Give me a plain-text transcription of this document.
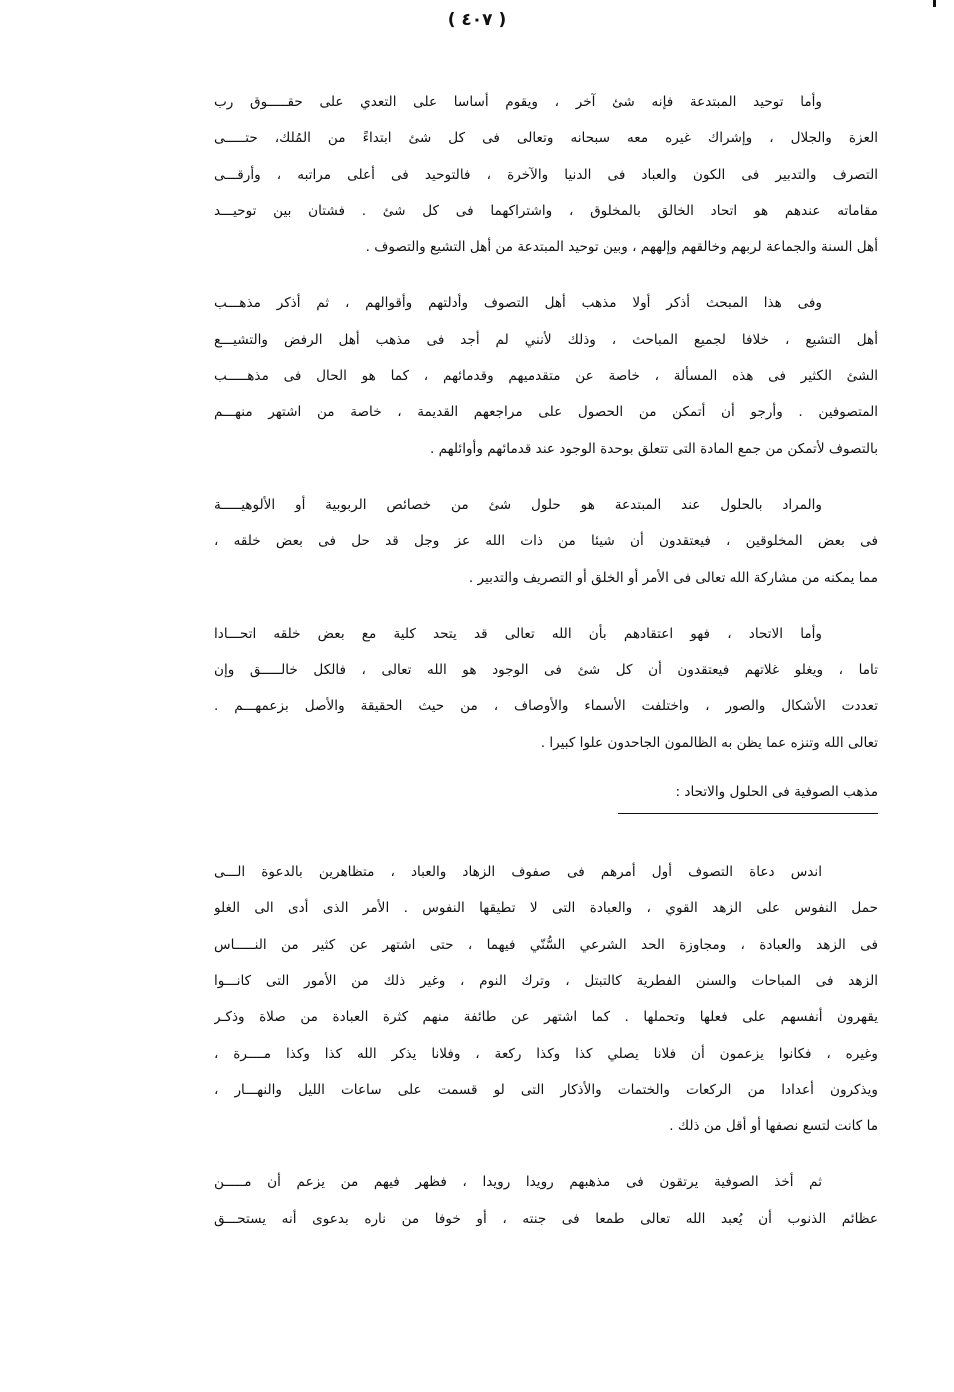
( ٤٠٧ )
وأما توحيد المبتدعة فإنه شئ آخر ، ويقوم أساسا على التعدي على حقـــــوق رب
العزة والجلال ، وإشراك غيره معه سبحانه وتعالى فى كل شئ ابتداءً من المُلك، حتـــــى
التصرف والتدبير فى الكون والعباد فى الدنيا والآخرة ، فالتوحيد فى أعلى مراتبه ، وأرقـــى
مقاماته عندهم هو اتحاد الخالق بالمخلوق ، واشتراكهما فى كل شئ . فشتان بين توحيـــد
أهل السنة والجماعة لربهم وخالقهم وإلههم ، وبين توحيد المبتدعة من أهل التشيع والتصوف .
وفى هذا المبحث أذكر أولا مذهب أهل التصوف وأدلتهم وأقوالهم ، ثم أذكر مذهـــب
أهل التشيع ، خلافا لجميع المباحث ، وذلك لأنني لم أجد فى مذهب أهل الرفض والتشيـــع
الشئ الكثير فى هذه المسألة ، خاصة عن متقدميهم وقدمائهم ، كما هو الحال فى مذهـــــب
المتصوفين . وأرجو أن أتمكن من الحصول على مراجعهم القديمة ، خاصة من اشتهر منهـــم
بالتصوف لأتمكن من جمع المادة التى تتعلق بوحدة الوجود عند قدمائهم وأوائلهم .
والمراد بالحلول عند المبتدعة هو حلول شئ من خصائص الربوبية أو الألوهيـــــة
فى بعض المخلوقين ، فيعتقدون أن شيئا من ذات الله عز وجل قد حل فى بعض خلقه ،
مما يمكنه من مشاركة الله تعالى فى الأمر أو الخلق أو التصريف والتدبير .
وأما الاتحاد ، فهو اعتقادهم بأن الله تعالى قد يتحد كلية مع بعض خلقه اتحـــادا
تاما ، ويغلو غلاتهم فيعتقدون أن كل شئ فى الوجود هو الله تعالى ، فالكل خالـــــق وإن
تعددت الأشكال والصور ، واختلفت الأسماء والأوصاف ، من حيث الحقيقة والأصل بزعمهـــم .
تعالى الله وتنزه عما يظن به الظالمون الجاحدون علوا كبيرا .
مذهب الصوفية فى الحلول والاتحاد :
اندس دعاة التصوف أول أمرهم فى صفوف الزهاد والعباد ، متظاهرين بالدعوة الـــى
حمل النفوس على الزهد القوي ، والعبادة التى لا تطيقها النفوس . الأمر الذى أدى الى الغلو
فى الزهد والعبادة ، ومجاوزة الحد الشرعي السُّنّي فيهما ، حتى اشتهر عن كثير من النـــــاس
الزهد فى المباحات والسنن الفطرية كالتبتل ، وترك النوم ، وغير ذلك من الأمور التى كانـــوا
يقهرون أنفسهم على فعلها وتحملها . كما اشتهر عن طائفة منهم كثرة العبادة من صلاة وذكـر
وغيره ، فكانوا يزعمون أن فلانا يصلي كذا وكذا ركعة ، وفلانا يذكر الله كذا وكذا مــــرة ،
ويذكرون أعدادا من الركعات والختمات والأذكار التى لو قسمت على ساعات الليل والنهـــار ،
ما كانت لتسع نصفها أو أقل من ذلك .
ثم أخذ الصوفية يرتقون فى مذهبهم رويدا رويدا ، فظهر فيهم من يزعم أن مـــــن
عظائم الذنوب أن يُعبد الله تعالى طمعا فى جنته ، أو خوفا من ناره بدعوى أنه يستحـــق
